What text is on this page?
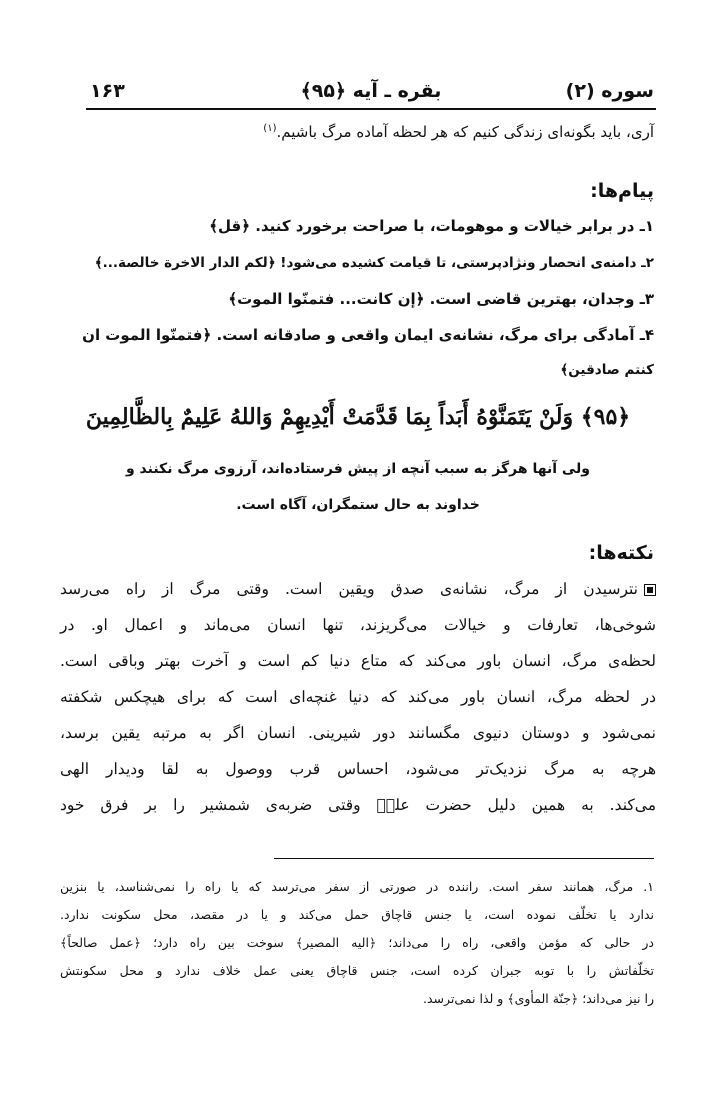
سوره (۲)
بقره ـ آیه ﴿۹۵﴾
۱۶۳
آری، باید بگونه‌ای زندگی کنیم که هر لحظه آماده مرگ باشیم.$^{(۱)}$
پیام‌ها:
۱ـ در برابر خیالات و موهومات، با صراحت برخورد کنید. ﴿قل﴾
۲ـ دامنه‌ی انحصار ونژادپرستی، تا قیامت کشیده می‌شود! ﴿لکم الدار الاخرة خالصة...﴾
۳ـ وجدان، بهترین قاضی است. ﴿إن کانت... فتمنّوا الموت﴾
۴ـ آمادگی برای مرگ، نشانه‌ی ایمان واقعی و صادقانه است. ﴿فتمنّوا الموت ان
کنتم صادقین﴾
﴿۹۵﴾ وَلَنْ يَتَمَنَّوْهُ أَبَداً بِمَا قَدَّمَتْ أَيْدِيهِمْ وَاللهُ عَلِيمٌ بِالظَّالِمِينَ
ولی آنها هرگز به سبب آنچه از پیش فرستاده‌اند، آرزوی مرگ نکنند و
خداوند به حال ستمگران، آگاه است.
نکته‌ها:
نترسیدن از مرگ، نشانه‌ی صدق ویقین است. وقتی مرگ از راه می‌رسد
شوخی‌ها، تعارفات و خیالات می‌گریزند، تنها انسان می‌ماند و اعمال او. در
لحظه‌ی مرگ، انسان باور می‌کند که متاع دنیا کم است و آخرت بهتر وباقی است.
در لحظه مرگ، انسان باور می‌کند که دنیا غنچه‌ای است که برای هیچکس شکفته
نمی‌شود و دوستان دنیوی مگسانند دور شیرینی. انسان اگر به مرتبه یقین برسد،
هرچه به مرگ نزدیک‌تر می‌شود، احساس قرب ووصول به لقا ودیدار الهی
می‌کند. به همین دلیل حضرت علیؑ وقتی ضربه‌ی شمشیر را بر فرق خود
۱. مرگ، همانند سفر است. راننده در صورتی از سفر می‌ترسد که یا راه را نمی‌شناسد، یا بنزین
ندارد یا تخلّف نموده است، یا جنس قاچاق حمل می‌کند و یا در مقصد، محل سکونت ندارد.
در حالی که مؤمن واقعی، راه را می‌داند؛ ﴿الیه المصیر﴾ سوخت بین راه دارد؛ ﴿عمل صالحاً﴾
تخلّفاتش را با توبه جبران کرده است، جنس قاچاق یعنی عمل خلاف ندارد و محل سکونتش
را نیز می‌داند؛ ﴿جنّة المأوی﴾ و لذا نمی‌ترسد.
